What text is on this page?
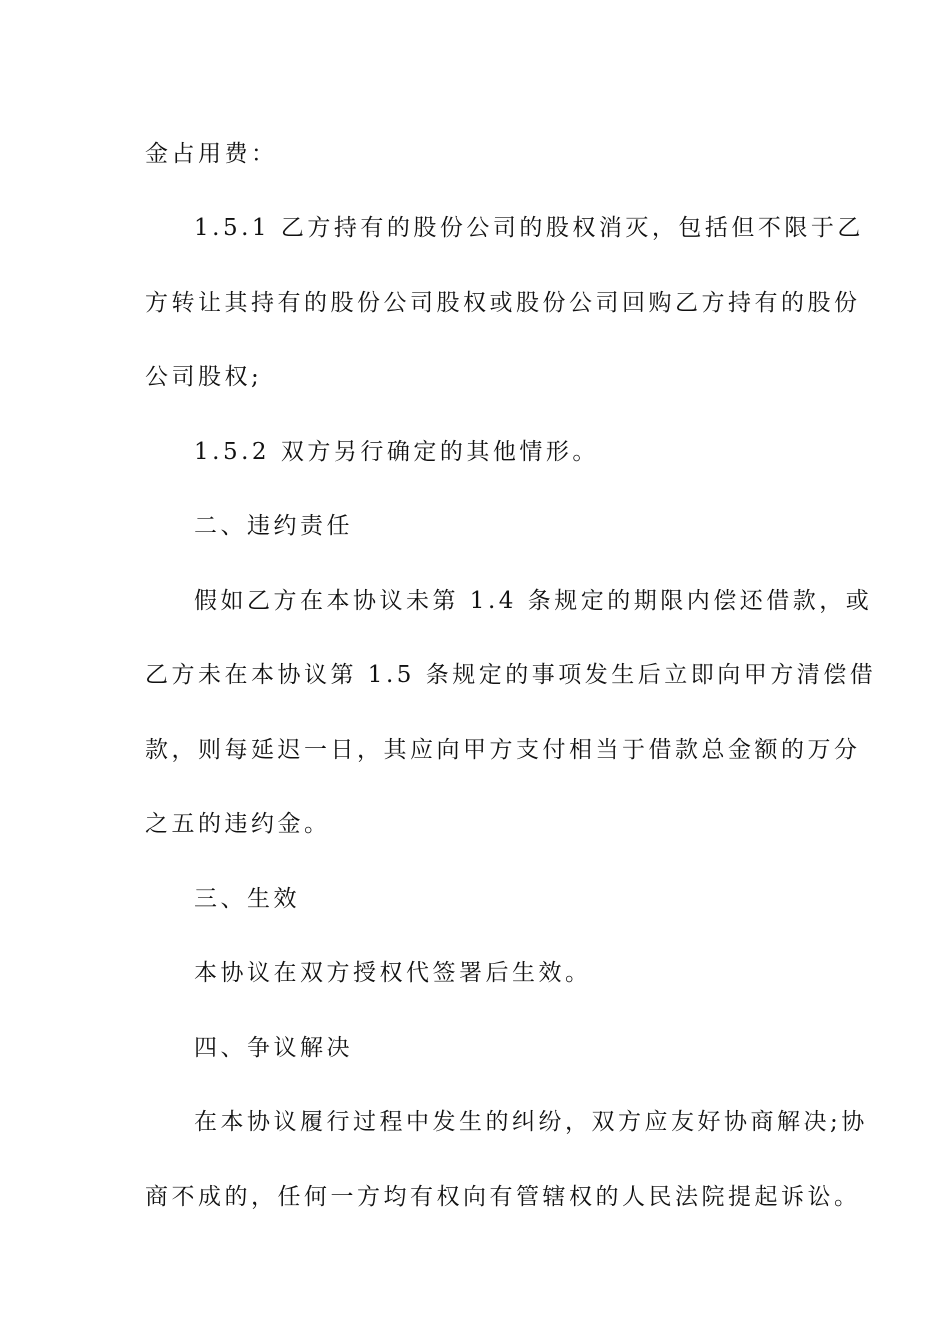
金占用费：
1.5.1 乙方持有的股份公司的股权消灭，包括但不限于乙
方转让其持有的股份公司股权或股份公司回购乙方持有的股份
公司股权;
1.5.2 双方另行确定的其他情形。
二、违约责任
假如乙方在本协议未第 1.4 条规定的期限内偿还借款，或
乙方未在本协议第 1.5 条规定的事项发生后立即向甲方清偿借
款，则每延迟一日，其应向甲方支付相当于借款总金额的万分
之五的违约金。
三、生效
本协议在双方授权代签署后生效。
四、争议解决
在本协议履行过程中发生的纠纷，双方应友好协商解决;协
商不成的，任何一方均有权向有管辖权的人民法院提起诉讼。
